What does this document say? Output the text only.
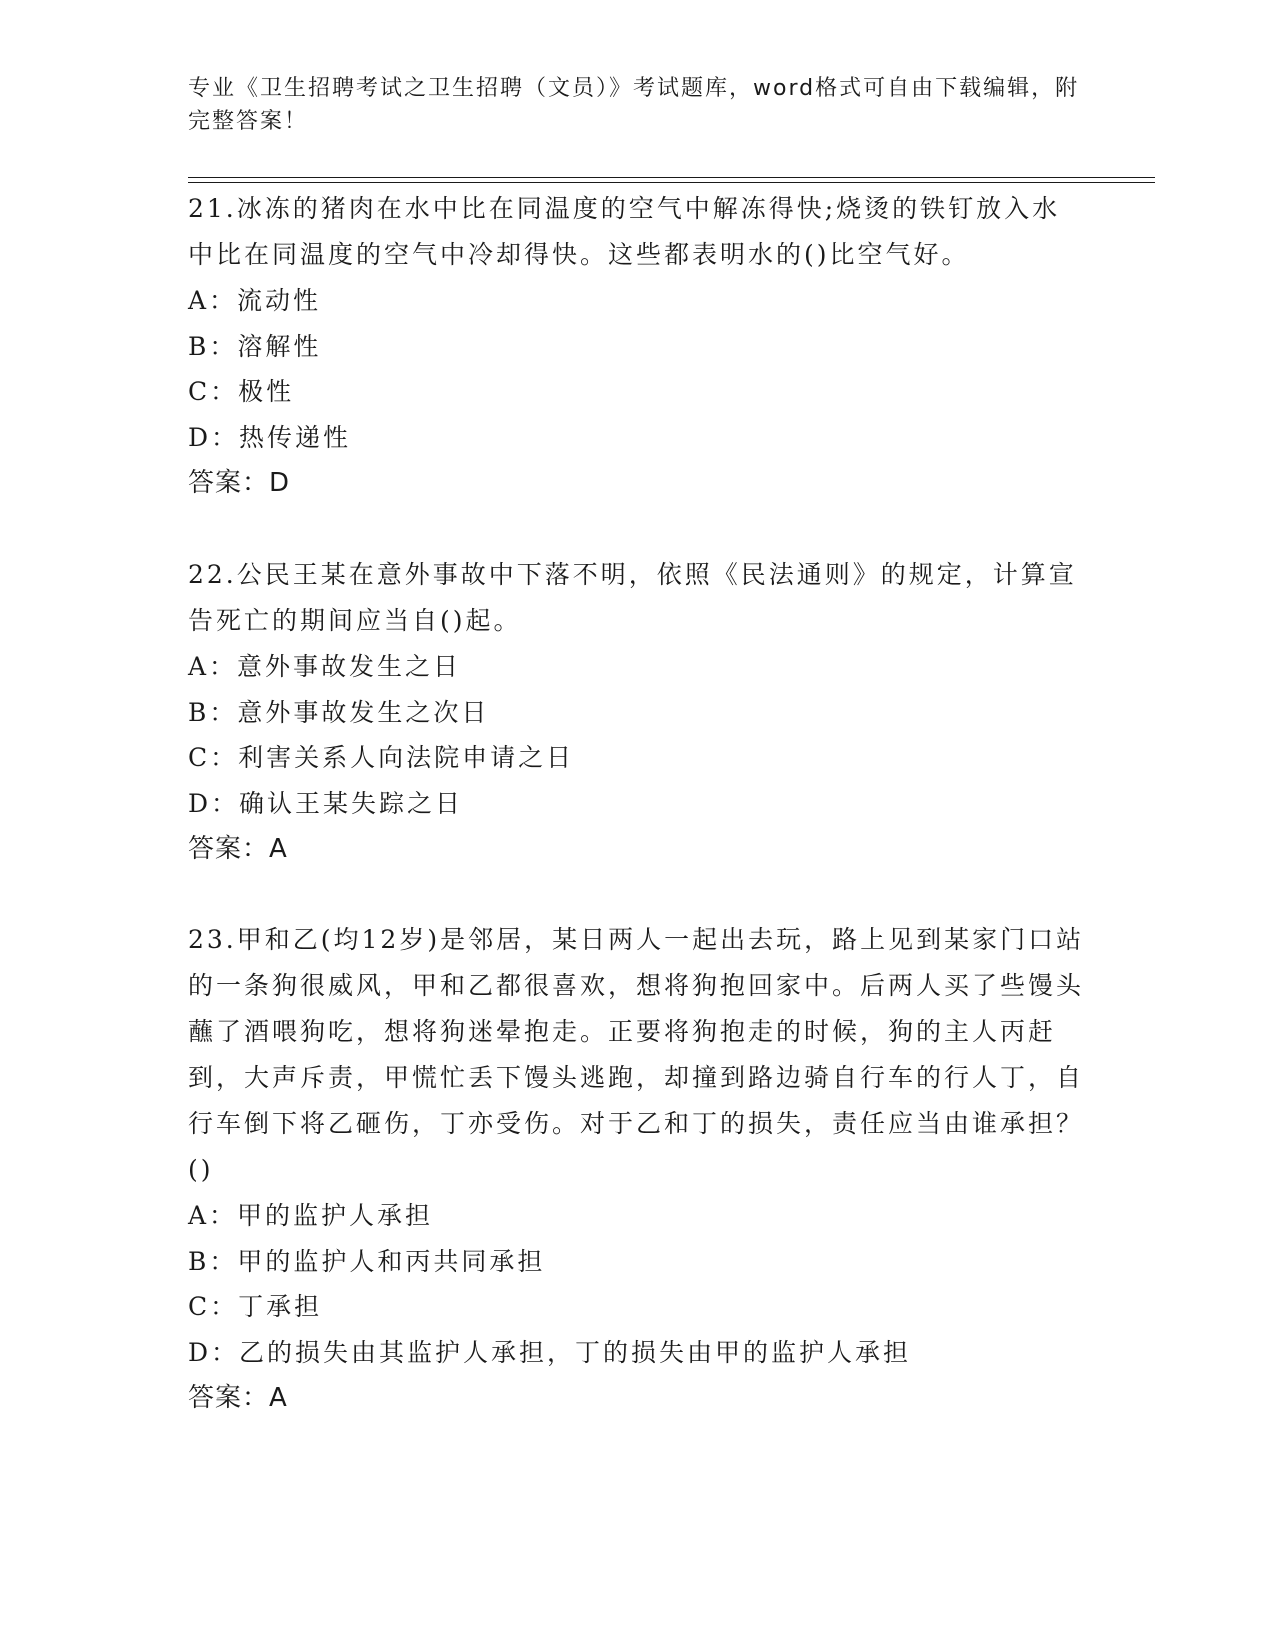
专业《卫生招聘考试之卫生招聘（文员）》考试题库，word格式可自由下载编辑，附完整答案！

21.冰冻的猪肉在水中比在同温度的空气中解冻得快;烧烫的铁钉放入水中比在同温度的空气中冷却得快。这些都表明水的()比空气好。

A：流动性

B：溶解性

C：极性

D：热传递性

答案：D

22.公民王某在意外事故中下落不明，依照《民法通则》的规定，计算宣告死亡的期间应当自()起。

A：意外事故发生之日

B：意外事故发生之次日

C：利害关系人向法院申请之日

D：确认王某失踪之日

答案：A

23.甲和乙(均12岁)是邻居，某日两人一起出去玩，路上见到某家门口站的一条狗很威风，甲和乙都很喜欢，想将狗抱回家中。后两人买了些馒头蘸了酒喂狗吃，想将狗迷晕抱走。正要将狗抱走的时候，狗的主人丙赶到，大声斥责，甲慌忙丢下馒头逃跑，却撞到路边骑自行车的行人丁，自行车倒下将乙砸伤，丁亦受伤。对于乙和丁的损失，责任应当由谁承担？()

A：甲的监护人承担

B：甲的监护人和丙共同承担

C：丁承担

D：乙的损失由其监护人承担，丁的损失由甲的监护人承担

答案：A
